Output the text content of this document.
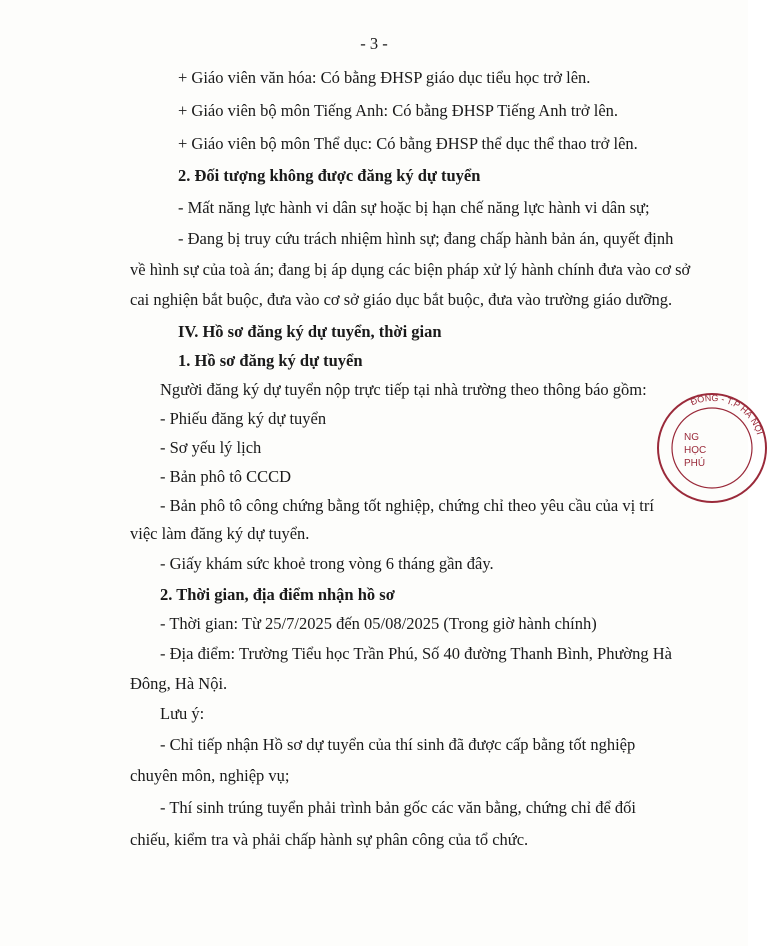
- 3 -
+ Giáo viên văn hóa: Có bằng ĐHSP giáo dục tiểu học trở lên.
+ Giáo viên bộ môn Tiếng Anh: Có bằng ĐHSP Tiếng Anh trở lên.
+ Giáo viên bộ môn Thể dục: Có bằng ĐHSP thể dục thể thao trở lên.
2. Đối tượng không được đăng ký dự tuyển
- Mất năng lực hành vi dân sự hoặc bị hạn chế năng lực hành vi dân sự;
- Đang bị truy cứu trách nhiệm hình sự; đang chấp hành bản án, quyết định
về hình sự của toà án; đang bị áp dụng các biện pháp xử lý hành chính đưa vào cơ sở
cai nghiện bắt buộc, đưa vào cơ sở giáo dục bắt buộc, đưa vào trường giáo dưỡng.
IV. Hồ sơ đăng ký dự tuyển, thời gian
1. Hồ sơ đăng ký dự tuyển
Người đăng ký dự tuyển nộp trực tiếp tại nhà trường theo thông báo gồm:
- Phiếu đăng ký dự tuyển
- Sơ yếu lý lịch
- Bản phô tô CCCD
- Bản phô tô công chứng bằng tốt nghiệp, chứng chỉ theo yêu cầu của vị trí
việc làm đăng ký dự tuyển.
- Giấy khám sức khoẻ trong vòng 6 tháng gần đây.
2. Thời gian, địa điểm nhận hồ sơ
- Thời gian: Từ 25/7/2025 đến 05/08/2025 (Trong giờ hành chính)
- Địa điểm: Trường Tiểu học Trần Phú, Số 40 đường Thanh Bình, Phường Hà
Đông, Hà Nội.
Lưu ý:
- Chỉ tiếp nhận Hồ sơ dự tuyển của thí sinh đã được cấp bằng tốt nghiệp
chuyên môn, nghiệp vụ;
- Thí sinh trúng tuyển phải trình bản gốc các văn bằng, chứng chỉ để đối
chiếu, kiểm tra và phải chấp hành sự phân công của tổ chức.
NG
HỌC
PHÚ
ĐỒNG - T.P HÀ NỘI
